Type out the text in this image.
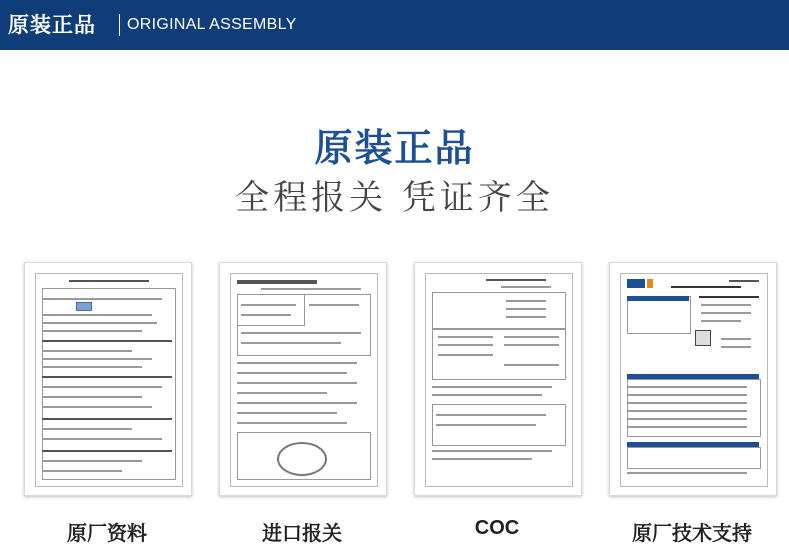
原装正品 ORIGINAL ASSEMBLY
原装正品
全程报关 凭证齐全
原厂资料	进口报关	COC	原厂技术支持
